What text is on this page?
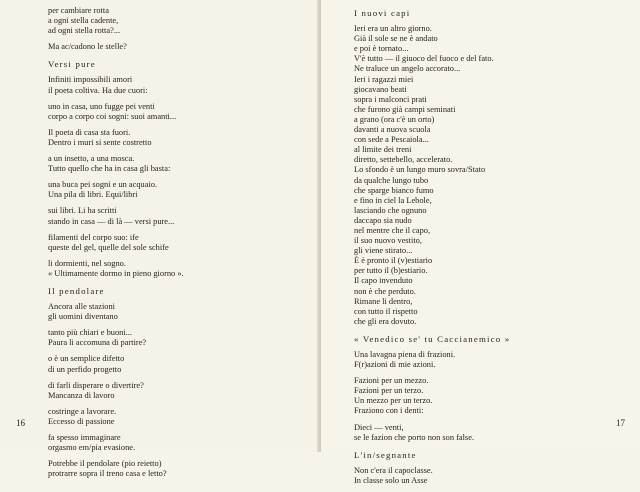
per cambiare rotta
a ogni stella cadente,
ad ogni stella rotta?...
Ma ac/cadono le stelle?
Versi pure
Infiniti impossibili amori
il poeta coltiva. Ha due cuori:
uno in casa, uno fugge pei venti
corpo a corpo coi sogni: suoi amanti...
Il poeta di casa sta fuori.
Dentro i muri si sente costretto
a un insetto, a una mosca.
Tutto quello che ha in casa gli basta:
una buca pei sogni e un acquaio.
Una pila di libri. Equi/libri
sui libri. Li ha scritti
stando in casa — di là — versi pure...
filamenti del corpo suo: ife
queste del gel, quelle del sole schife
li dormienti, nel sogno.
« Ultimamente dormo in pieno giorno ».
Il pendolare
Ancora alle stazioni
gli uomini diventano
tanto più chiari e buoni...
Paura li accomuna di partire?
o è un semplice difetto
di un perfido progetto
di farli disperare o divertire?
Mancanza di lavoro
costringe a lavorare.
Eccesso di passione
fa spesso immaginare
orgasmo em/pia evasione.
Potrebbe il pendolare (pio reietto)
protrarre sopra il treno casa e letto?
16
I nuovi capi
Ieri era un altro giorno.
Già il sole se ne è andato
e poi è tornato...
V'è tutto — il giuoco del fuoco e del fato.
Ne traluce un angelo accorato...
Ieri i ragazzi miei
giocavano beati
sopra i malconci prati
che furono già campi seminati
a grano (ora c'è un orto)
davanti a nuova scuola
con sede a Pescaiola...
al limite dei treni
diretto, settebello, accelerato.
Lo sfondo è un lungo muro sovra/Stato
da qualche lungo tubo
che sparge bianco fumo
e fino in ciel la Lebole,
lasciando che ognuno
daccapo sia nudo
nel mentre che il capo,
il suo nuovo vestito,
gli viene stirato...
È è pronto il (v)estiario
per tutto il (b)estiario.
Il capo invenduto
non è che perduto.
Rimane li dentro,
con tutto il rispetto
che gli era dovuto.
« Venedico se' tu Caccianemico »
Una lavagna piena di frazioni.
F(r)azioni di mie azioni.
Fazioni per un mezzo.
Fazioni per un terzo.
Un mezzo per un terzo.
Fraziono con i denti:
Dieci — venti,
se le fazion che porto non son false.
L'in/segnante
Non c'era il capoclasse.
In classe solo un Asse
17
